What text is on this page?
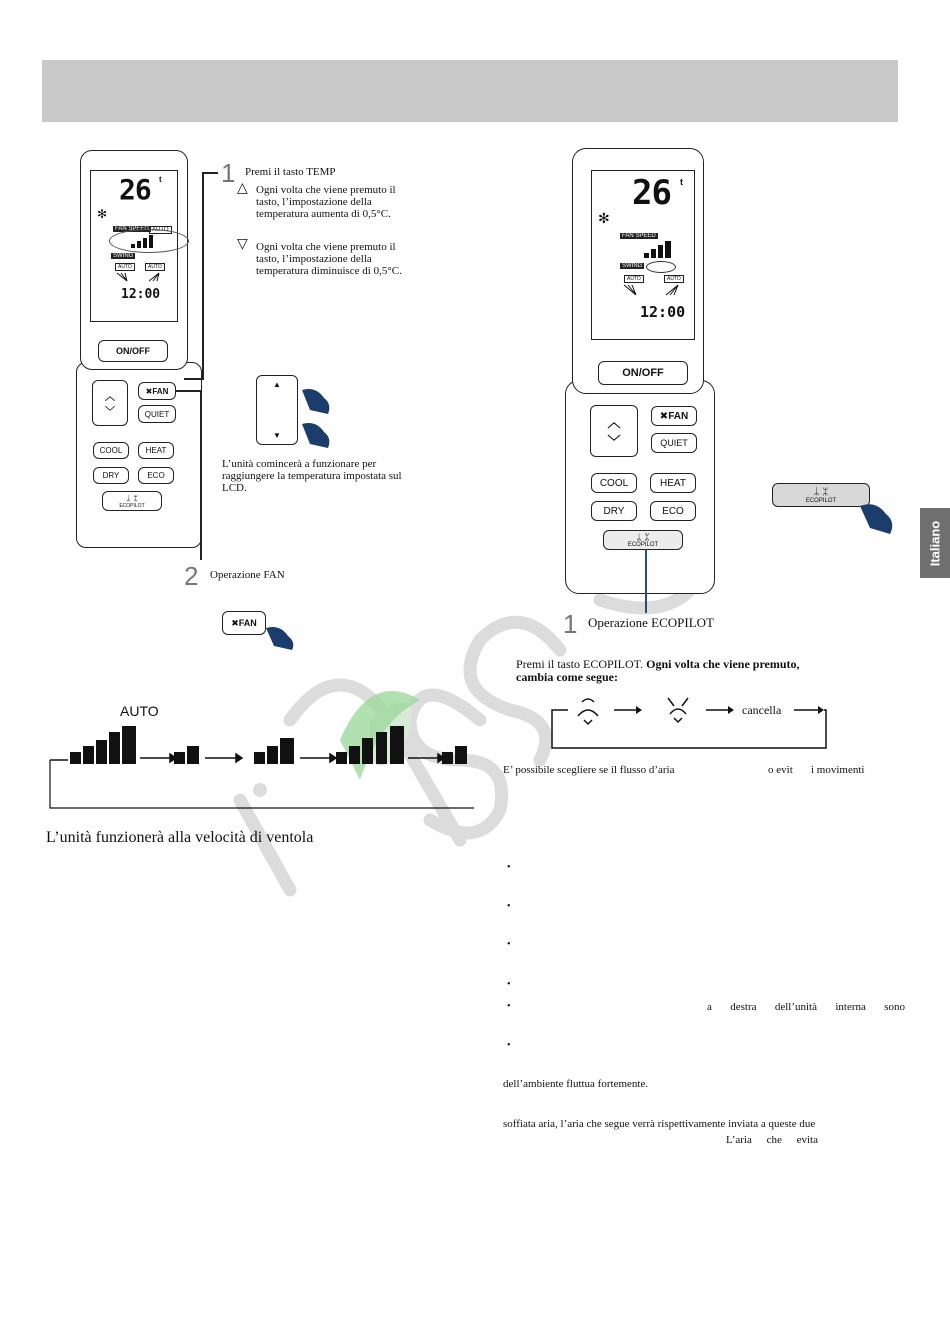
Italiano
26 t
✻
FAN SPEED AUTO
SWING
AUTO	AUTO
12:00
ON/OFF
︿
﹀
✖ FAN
QUIET
COOL	HEAT
DRY	ECO
ᛦ ᛯ
ECOPILOT
1 Premi il tasto TEMP
△ Ogni volta che viene premuto il tasto, l’impostazione della temperatura aumenta di 0,5°C.
▽ Ogni volta che viene premuto il tasto, l’impostazione della temperatura diminuisce di 0,5°C.
▲
▼
L’unità comincerà a funzionare per raggiungere la temperatura impostata sul LCD.
2 Operazione FAN
✖ FAN
AUTO
L’unità funzionerà alla velocità di ventola
26 t
✻
FAN SPEED
SWING
AUTO	AUTO
12:00
ON/OFF
︿
﹀
✖ FAN
QUIET
COOL	HEAT
DRY	ECO
ᛦ ᛯ
ECOPILOT
ᛦ ᛯ
ECOPILOT
1 Operazione ECOPILOT
Premi il tasto ECOPILOT. Ogni volta che viene premuto,
cambia come segue:
cancella
E’ possibile scegliere se il flusso d’aria	o evit i movimenti
•
•
•
•
•	a destra dell’unità interna sono
•
dell’ambiente fluttua fortemente.
soffiata aria, l’aria che segue verrà rispettivamente inviata a queste due
L’aria che evita
